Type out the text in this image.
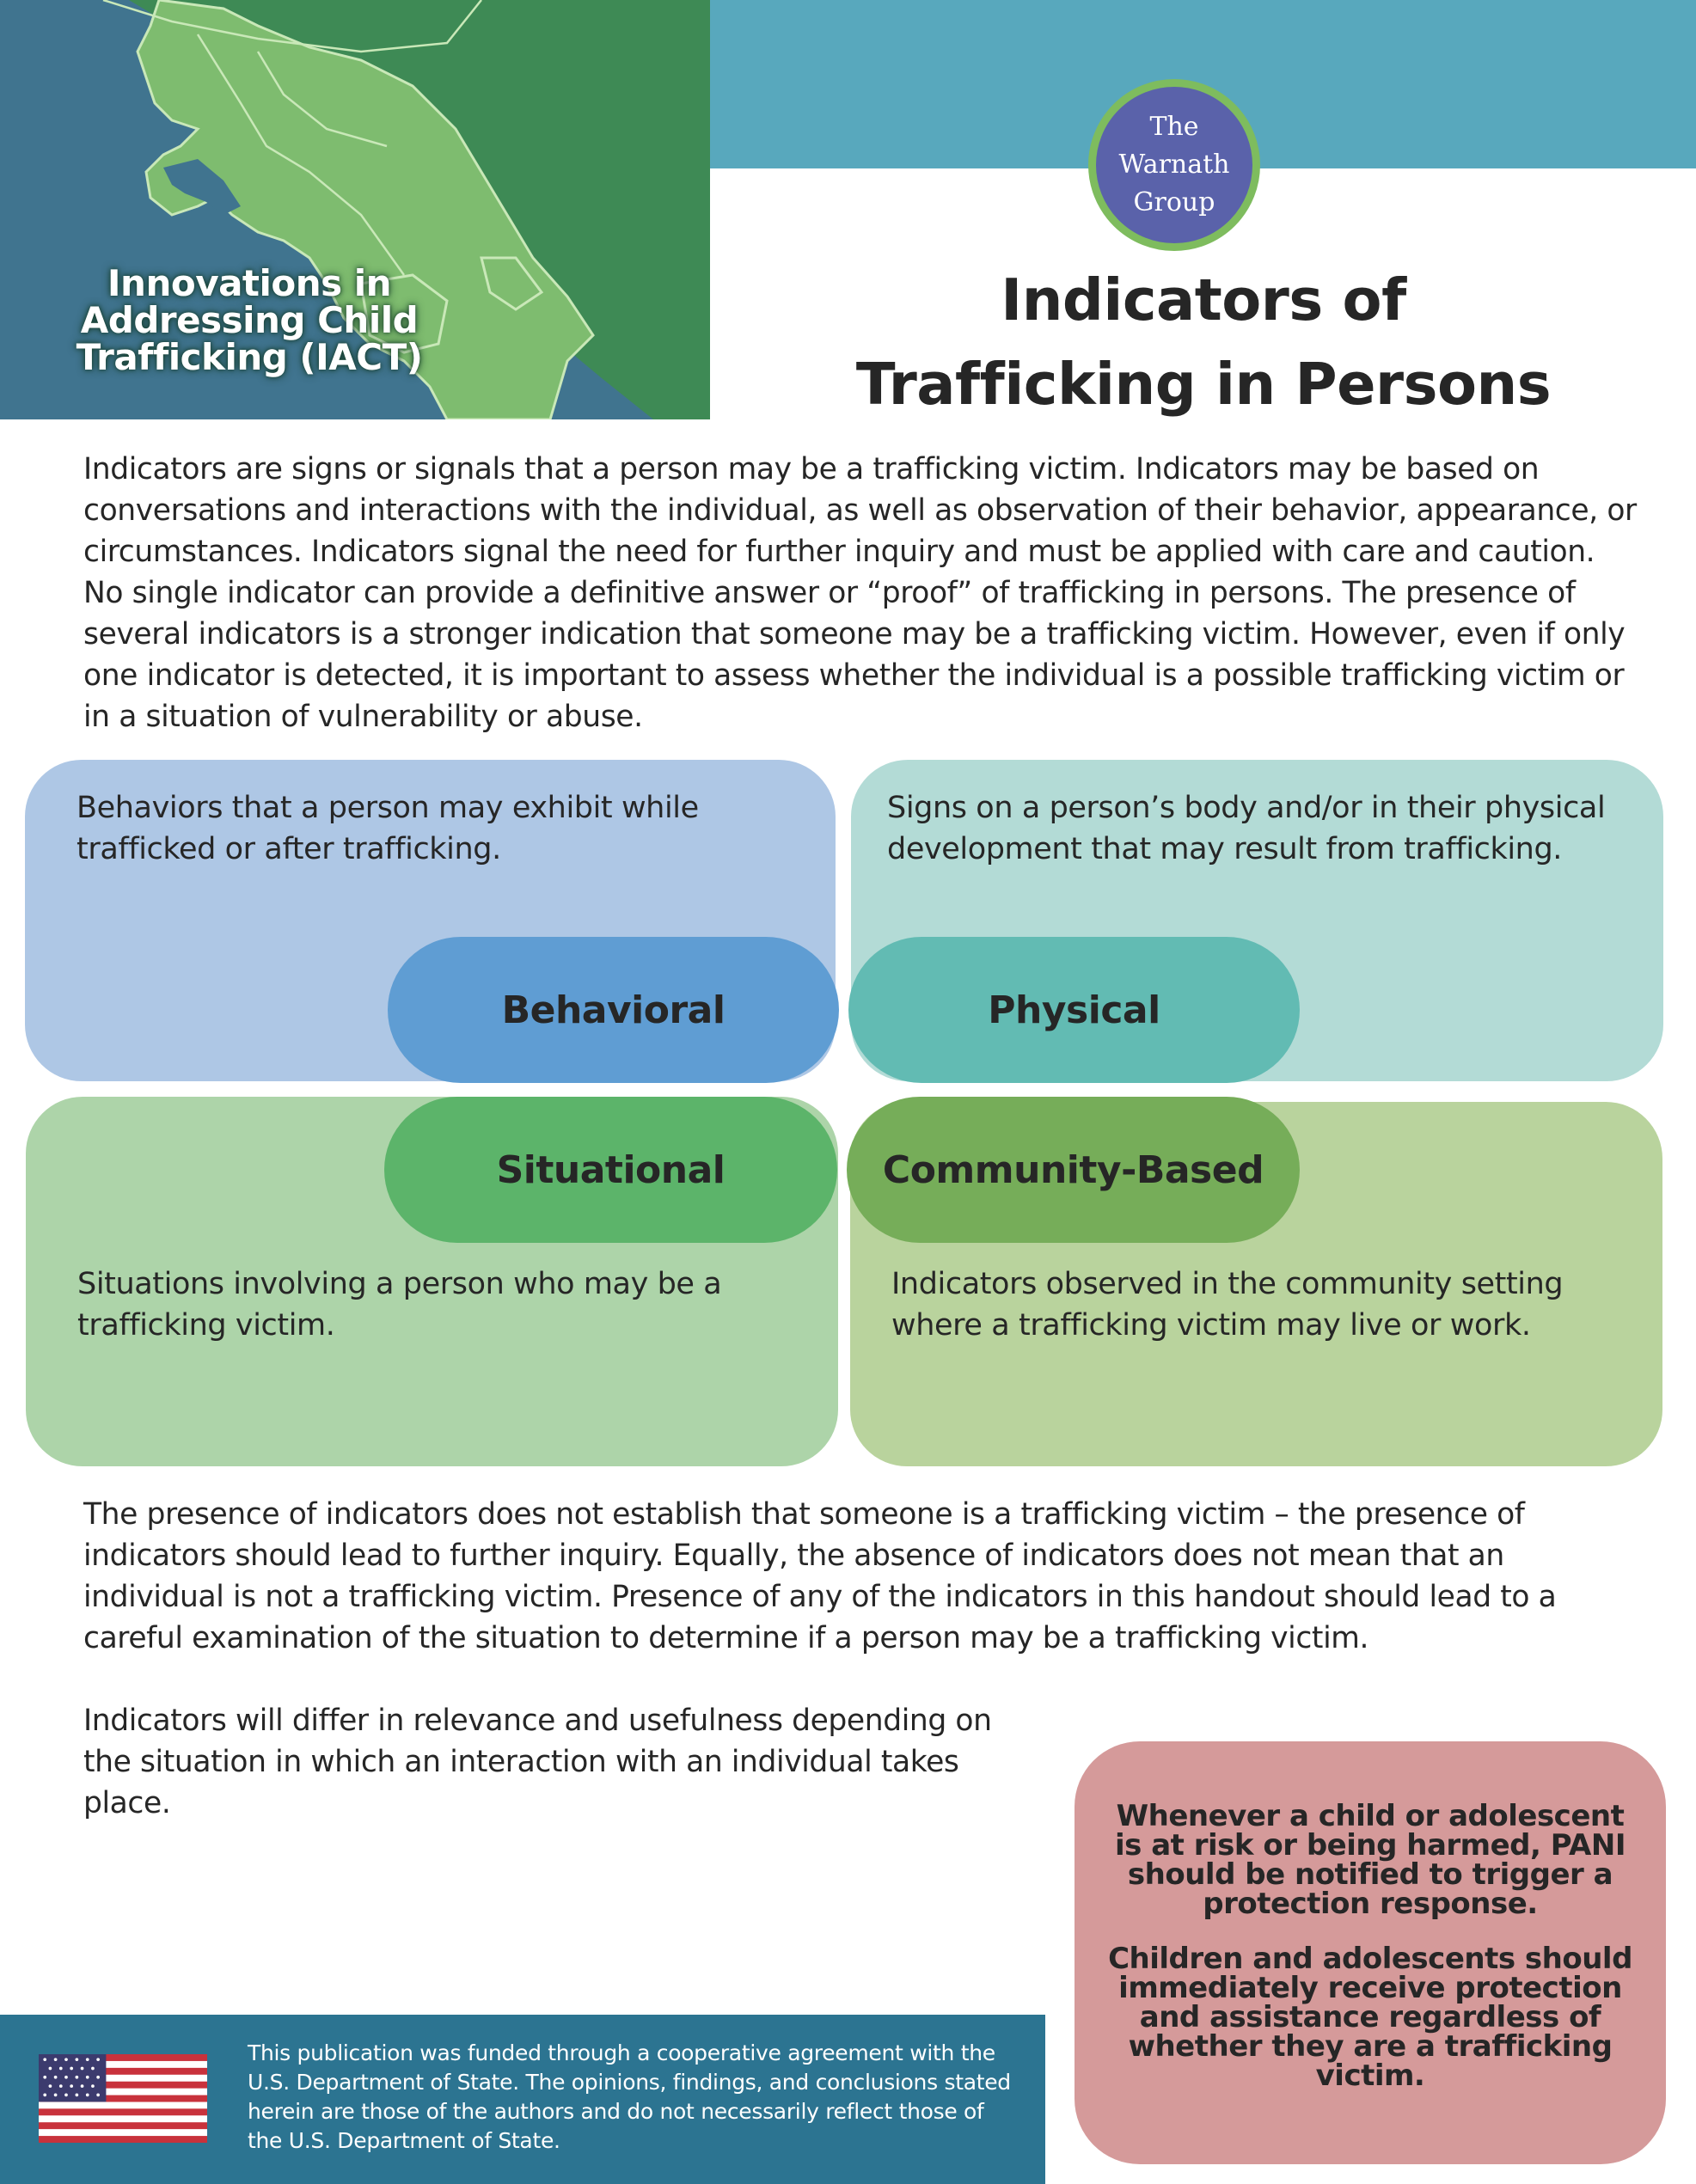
Innovations in Addressing Child Trafficking (IACT)
The
Warnath
Group
Indicators of
Trafficking in Persons
Indicators are signs or signals that a person may be a trafficking victim. Indicators may be based on conversations and interactions with the individual, as well as observation of their behavior, appearance, or circumstances. Indicators signal the need for further inquiry and must be applied with care and caution. No single indicator can provide a definitive answer or “proof” of trafficking in persons. The presence of several indicators is a stronger indication that someone may be a trafficking victim. However, even if only one indicator is detected, it is important to assess whether the individual is a possible trafficking victim or in a situation of vulnerability or abuse.
Behaviors that a person may exhibit while trafficked or after trafficking.
Signs on a person’s body and/or in their physical development that may result from trafficking.
Situations involving a person who may be a trafficking victim.
Indicators observed in the community setting where a trafficking victim may live or work.
Behavioral	Physical
Situational	Community-Based
The presence of indicators does not establish that someone is a trafficking victim – the presence of indicators should lead to further inquiry. Equally, the absence of indicators does not mean that an individual is not a trafficking victim. Presence of any of the indicators in this handout should lead to a careful examination of the situation to determine if a person may be a trafficking victim.
Indicators will differ in relevance and usefulness depending on the situation in which an interaction with an individual takes place.	Whenever a child or adolescent is at risk or being harmed, PANI should be notified to trigger a protection response.

Children and adolescents should immediately receive protection and assistance regardless of whether they are a trafficking victim.

This publication was funded through a cooperative agreement with the U.S. Department of State. The opinions, findings, and conclusions stated herein are those of the authors and do not necessarily reflect those of the U.S. Department of State.
